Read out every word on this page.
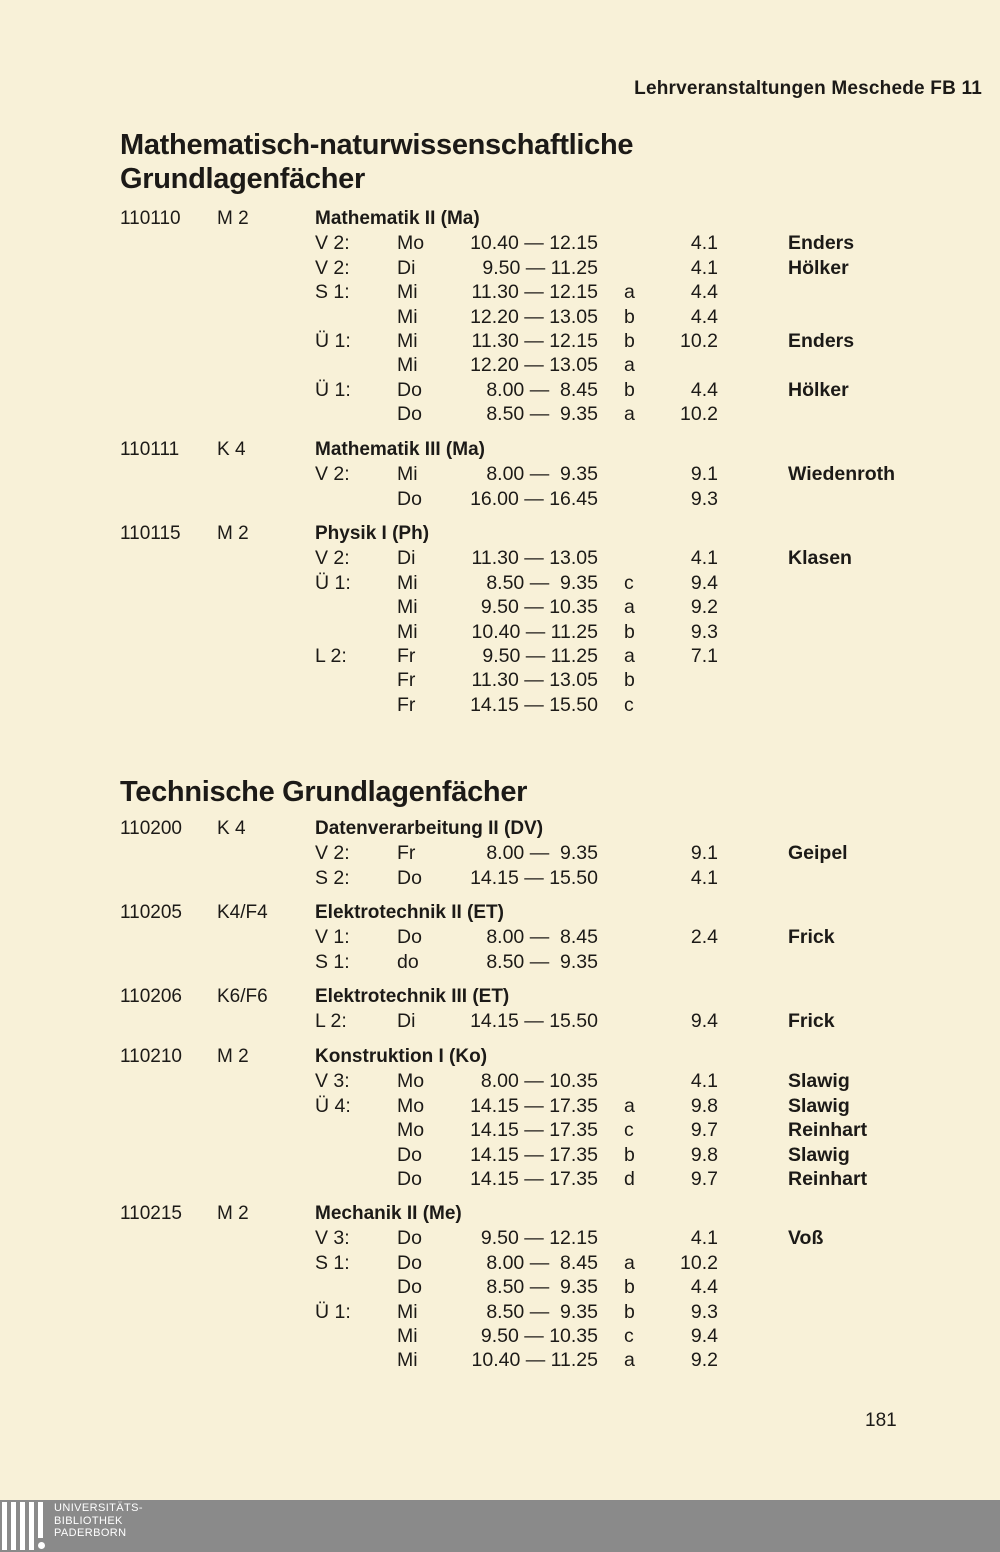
Lehrveranstaltungen Meschede FB 11
Mathematisch-naturwissenschaftliche
Grundlagenfächer
Technische Grundlagenfächer
110110 M 2	Mathematik II (Ma)
V 2: Mo	10.40 — 12.15	4.1	Enders
V 2: Di	9.50 — 11.25	4.1	Hölker
S 1: Mi	11.30 — 12.15 a	4.4
Mi	12.20 — 13.05 b	4.4
Ü 1: Mi	11.30 — 12.15 b	10.2	Enders
Mi	12.20 — 13.05 a
Ü 1: Do	8.00 —  8.45 b	4.4	Hölker
Do	8.50 —  9.35 a	10.2
110111 K 4	Mathematik III (Ma)
V 2: Mi	8.00 —  9.35	9.1	Wiedenroth
Do	16.00 — 16.45	9.3
110115 M 2	Physik I (Ph)
V 2: Di	11.30 — 13.05	4.1	Klasen
Ü 1: Mi	8.50 —  9.35 c	9.4
Mi	9.50 — 10.35 a	9.2
Mi	10.40 — 11.25 b	9.3
L 2:	Fr	9.50 — 11.25 a	7.1
Fr	11.30 — 13.05 b
Fr	14.15 — 15.50 c
110200 K 4	Datenverarbeitung II (DV)
V 2: Fr	8.00 —  9.35	9.1	Geipel
S 2: Do	14.15 — 15.50	4.1
110205 K4/F4 Elektrotechnik II (ET)
V 1: Do	8.00 —  8.45	2.4	Frick
S 1: do	8.50 —  9.35
110206 K6/F6 Elektrotechnik III (ET)
L 2:	Di	14.15 — 15.50	9.4	Frick
110210 M 2	Konstruktion I (Ko)
V 3: Mo	8.00 — 10.35	4.1	Slawig
Ü 4: Mo	14.15 — 17.35 a	9.8	Slawig
Mo	14.15 — 17.35 c	9.7	Reinhart
Do	14.15 — 17.35 b	9.8	Slawig
Do	14.15 — 17.35 d	9.7	Reinhart
110215 M 2	Mechanik II (Me)
V 3: Do	9.50 — 12.15	4.1	Voß
S 1: Do	8.00 —  8.45 a	10.2
Do	8.50 —  9.35 b	4.4
Ü 1: Mi	8.50 —  9.35 b	9.3
Mi	9.50 — 10.35 c	9.4
Mi	10.40 — 11.25 a	9.2
181
UNIVERSITÄTS-
BIBLIOTHEK
PADERBORN
